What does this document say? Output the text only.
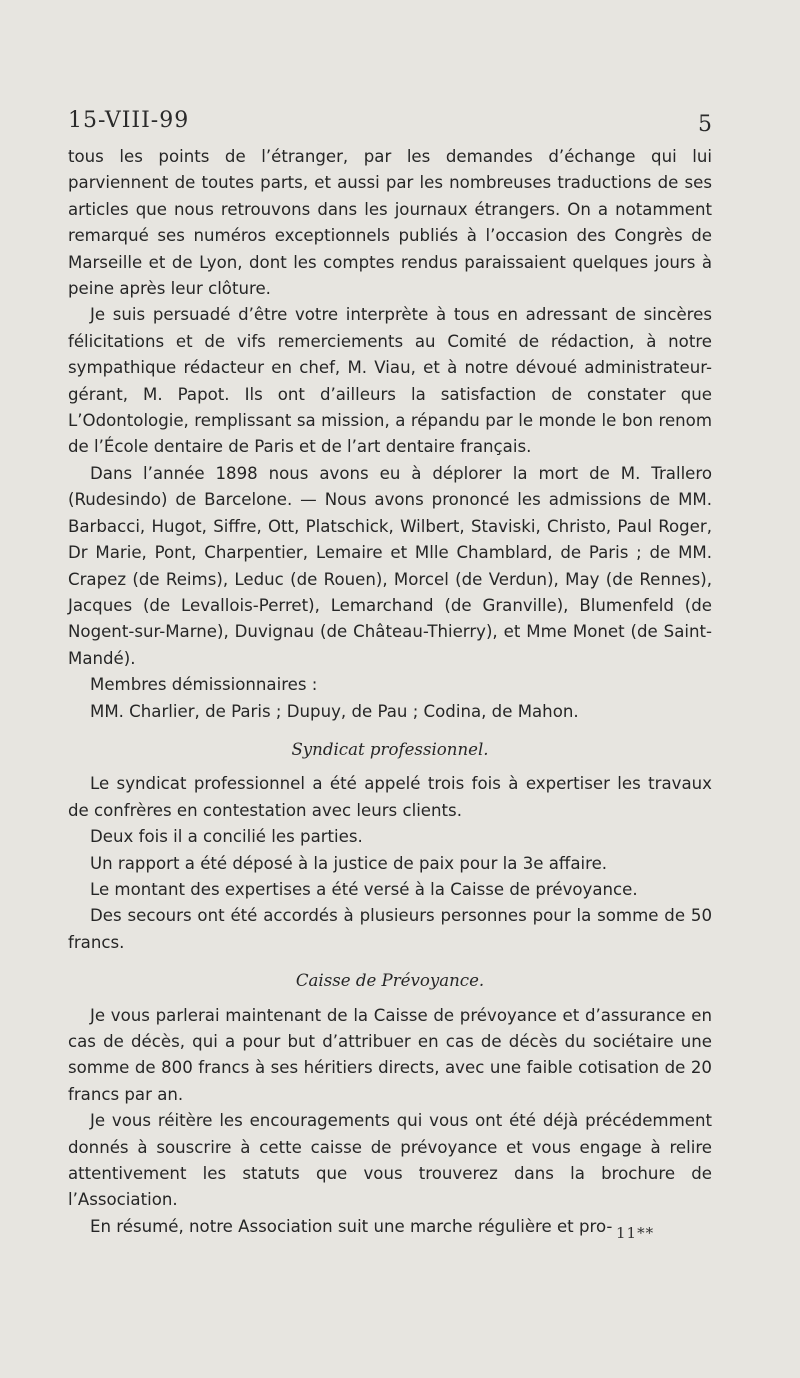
15-VIII-99	5

tous les points de l’étranger, par les demandes d’échange qui lui parviennent de toutes parts, et aussi par les nombreuses traductions de ses articles que nous retrouvons dans les journaux étrangers. On a notamment remarqué ses numéros exceptionnels publiés à l’occasion des Congrès de Marseille et de Lyon, dont les comptes rendus paraissaient quelques jours à peine après leur clôture.

Je suis persuadé d’être votre interprète à tous en adressant de sincères félicitations et de vifs remerciements au Comité de rédaction, à notre sympathique rédacteur en chef, M. Viau, et à notre dévoué administrateur-gérant, M. Papot. Ils ont d’ailleurs la satisfaction de constater que L’Odontologie, remplissant sa mission, a répandu par le monde le bon renom de l’École dentaire de Paris et de l’art dentaire français.

Dans l’année 1898 nous avons eu à déplorer la mort de M. Trallero (Rudesindo) de Barcelone. — Nous avons prononcé les admissions de MM. Barbacci, Hugot, Siffre, Ott, Platschick, Wilbert, Staviski, Christo, Paul Roger, Dr Marie, Pont, Charpentier, Lemaire et Mlle Chamblard, de Paris ; de MM. Crapez (de Reims), Leduc (de Rouen), Morcel (de Verdun), May (de Rennes), Jacques (de Levallois-Perret), Lemarchand (de Granville), Blumenfeld (de Nogent-sur-Marne), Duvignau (de Château-Thierry), et Mme Monet (de Saint-Mandé).

Membres démissionnaires :

MM. Charlier, de Paris ; Dupuy, de Pau ; Codina, de Mahon.

Syndicat professionnel.

Le syndicat professionnel a été appelé trois fois à expertiser les travaux de confrères en contestation avec leurs clients.

Deux fois il a concilié les parties.

Un rapport a été déposé à la justice de paix pour la 3e affaire.

Le montant des expertises a été versé à la Caisse de prévoyance.

Des secours ont été accordés à plusieurs personnes pour la somme de 50 francs.

Caisse de Prévoyance.

Je vous parlerai maintenant de la Caisse de prévoyance et d’assurance en cas de décès, qui a pour but d’attribuer en cas de décès du sociétaire une somme de 800 francs à ses héritiers directs, avec une faible cotisation de 20 francs par an.

Je vous réitère les encouragements qui vous ont été déjà précédemment donnés à souscrire à cette caisse de prévoyance et vous engage à relire attentivement les statuts que vous trouverez dans la brochure de l’Association.

En résumé, notre Association suit une marche régulière et pro- 11**
